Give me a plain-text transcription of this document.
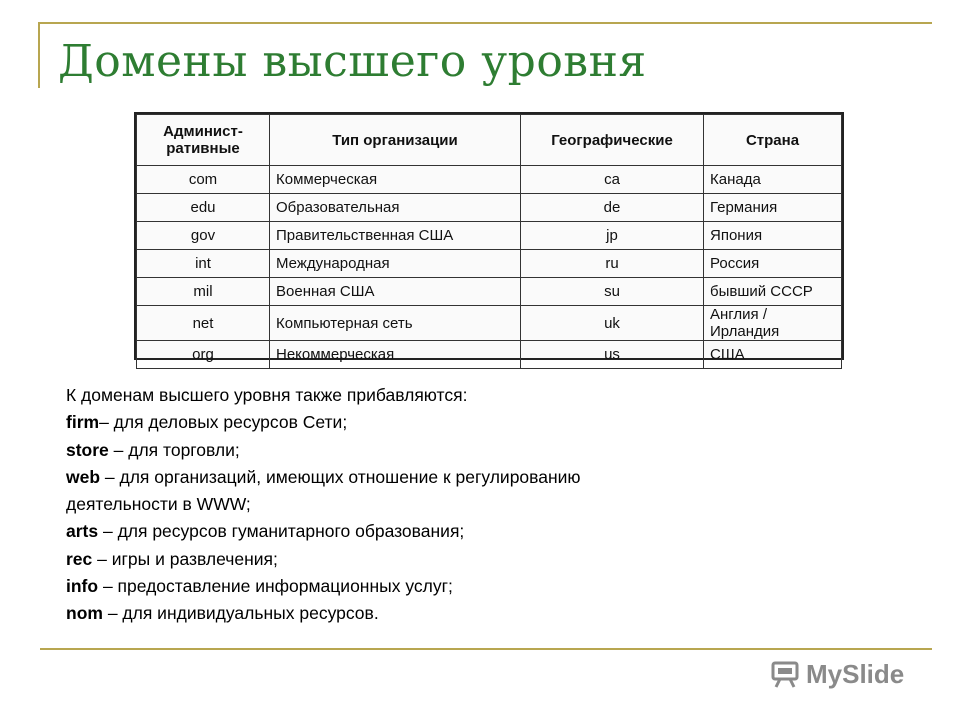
Домены высшего уровня
Админист-ративные	Тип организации	Географические	Страна
com	Коммерческая	ca	Канада
edu	Образовательная	de	Германия
gov	Правительственная США	jp	Япония
int	Международная	ru	Россия
mil	Военная США	su	бывший СССР
net	Компьютерная сеть	uk	Англия /Ирландия
org	Некоммерческая	us	США
К доменам высшего уровня также прибавляются:
firm– для деловых ресурсов Сети;
store – для торговли;
web – для организаций, имеющих отношение к регулированию
деятельности в WWW;
arts – для ресурсов гуманитарного образования;
rec – игры и развлечения;
info – предоставление информационных услуг;
nom – для индивидуальных ресурсов.
MySlide
